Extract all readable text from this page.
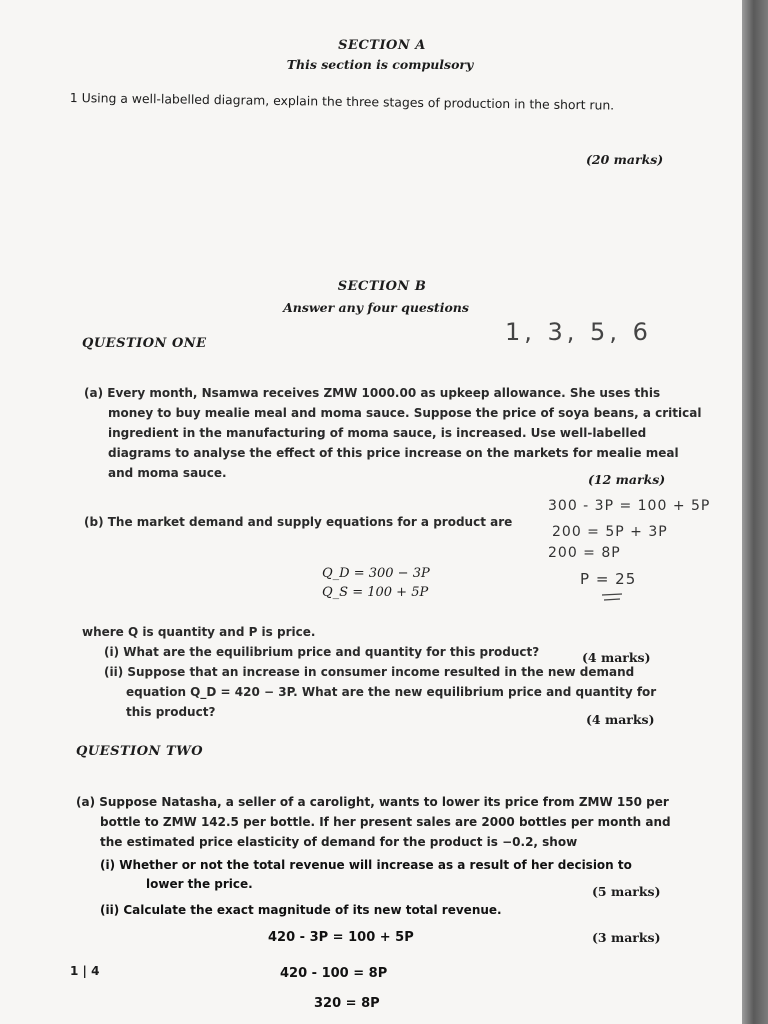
SECTION A
This section is compulsory
1 Using a well-labelled diagram, explain the three stages of production in the short run.
(20 marks)
SECTION B
Answer any four questions
1, 3, 5, 6
QUESTION ONE
(a) Every month, Nsamwa receives ZMW 1000.00 as upkeep allowance. She uses this
money to buy mealie meal and moma sauce. Suppose the price of soya beans, a critical
ingredient in the manufacturing of moma sauce, is increased. Use well-labelled
diagrams to analyse the effect of this price increase on the markets for mealie meal
and moma sauce.	(12 marks)
(b) The market demand and supply equations for a product are
300 - 3P = 100 + 5P
200 = 5P + 3P
200 = 8P
P = 25
Q_D = 300 − 3P
Q_S = 100 + 5P
where Q is quantity and P is price.
(i) What are the equilibrium price and quantity for this product?	(4 marks)
(ii) Suppose that an increase in consumer income resulted in the new demand
equation Q_D = 420 − 3P. What are the new equilibrium price and quantity for
this product?	(4 marks)
QUESTION TWO
(a) Suppose Natasha, a seller of a carolight, wants to lower its price from ZMW 150 per
bottle to ZMW 142.5 per bottle. If her present sales are 2000 bottles per month and
the estimated price elasticity of demand for the product is −0.2, show
(i) Whether or not the total revenue will increase as a result of her decision to
lower the price.	(5 marks)
(ii) Calculate the exact magnitude of its new total revenue.
(3 marks)
420 - 3P = 100 + 5P
420 - 100 = 8P
320 = 8P
1 | 4
